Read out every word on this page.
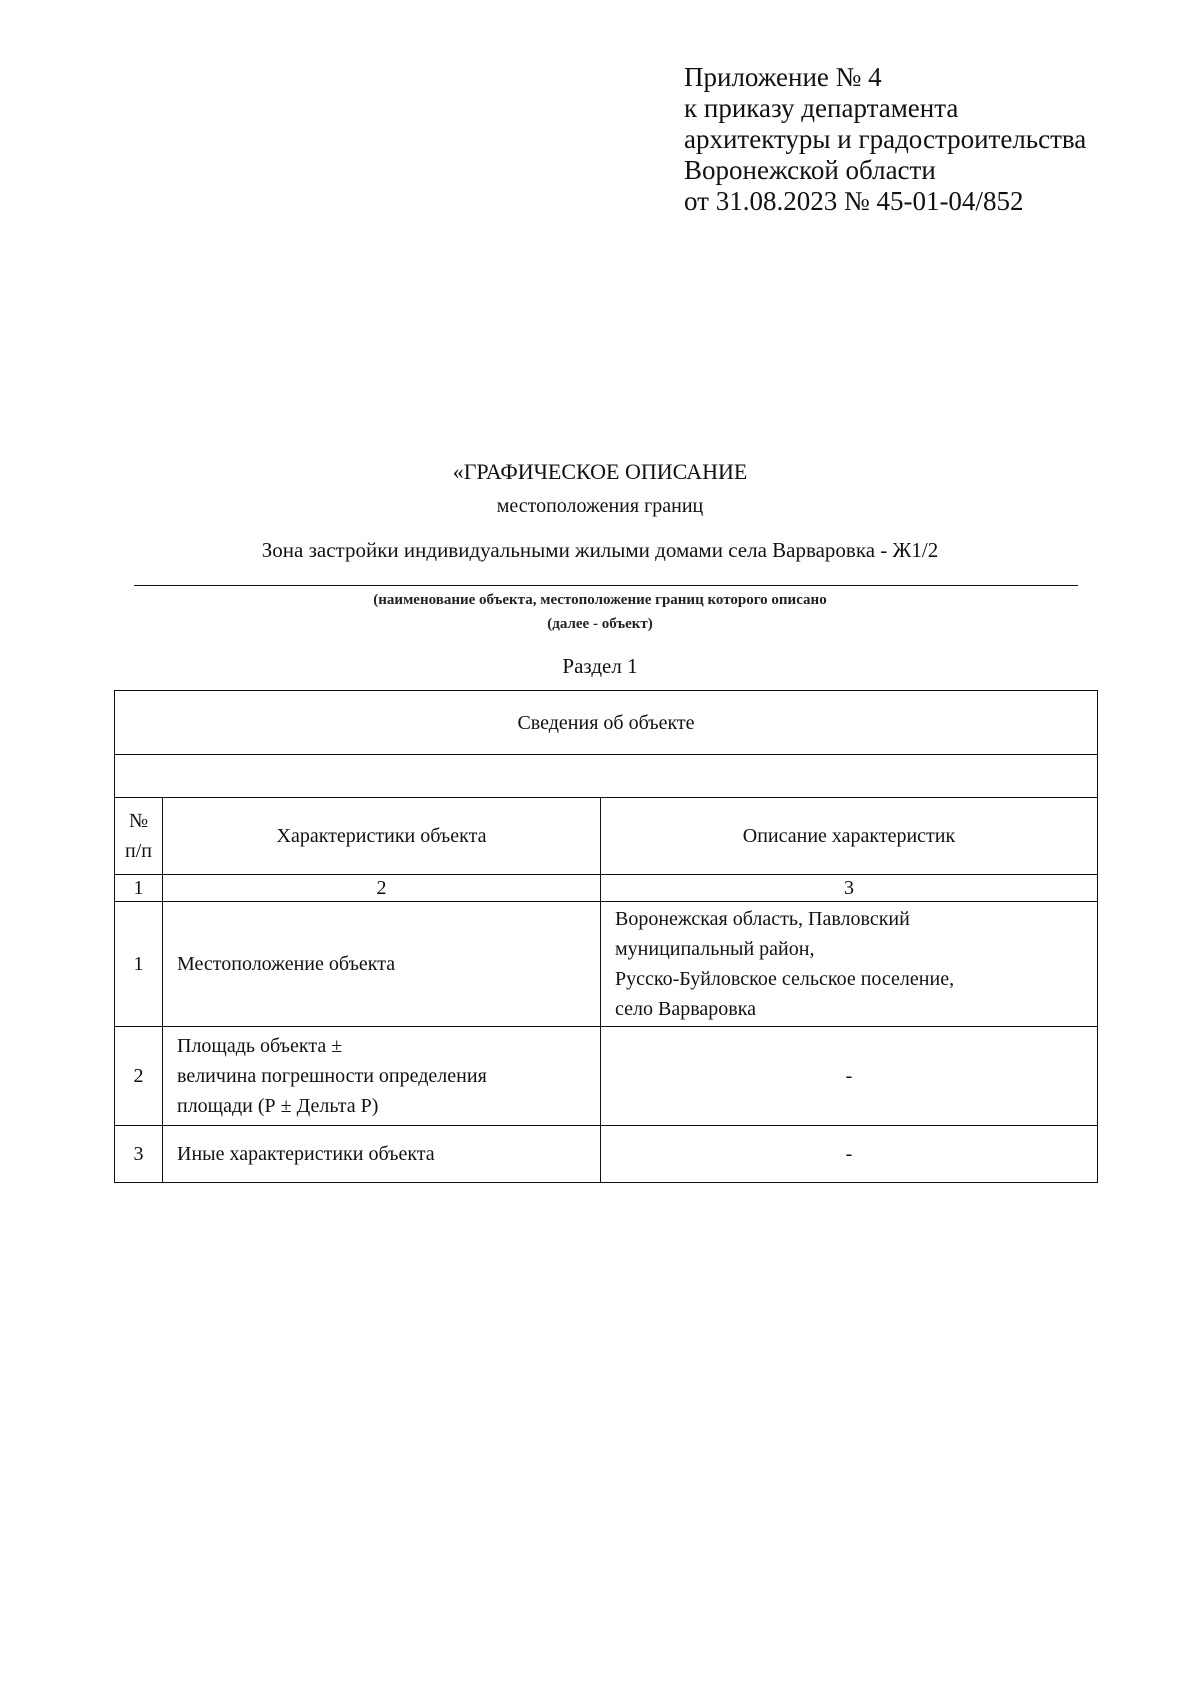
Приложение № 4
к приказу департамента
архитектуры и градостроительства
Воронежской области
от 31.08.2023 № 45-01-04/852
«ГРАФИЧЕСКОЕ ОПИСАНИЕ
местоположения границ
Зона застройки индивидуальными жилыми домами села Варваровка - Ж1/2
(наименование объекта, местоположение границ которого описано
(далее - объект)
Раздел 1
Сведения об объекте		

№
п/п	Характеристики объекта	Описание характеристик
1	2	3
1	Местоположение объекта	Воронежская область, Павловский
муниципальный район,
Русско-Буйловское сельское поселение,
село Варваровка

2	Площадь объекта ±
величина погрешности определения
площади (Р ± Дельта Р)	-
3	Иные характеристики объекта	-
